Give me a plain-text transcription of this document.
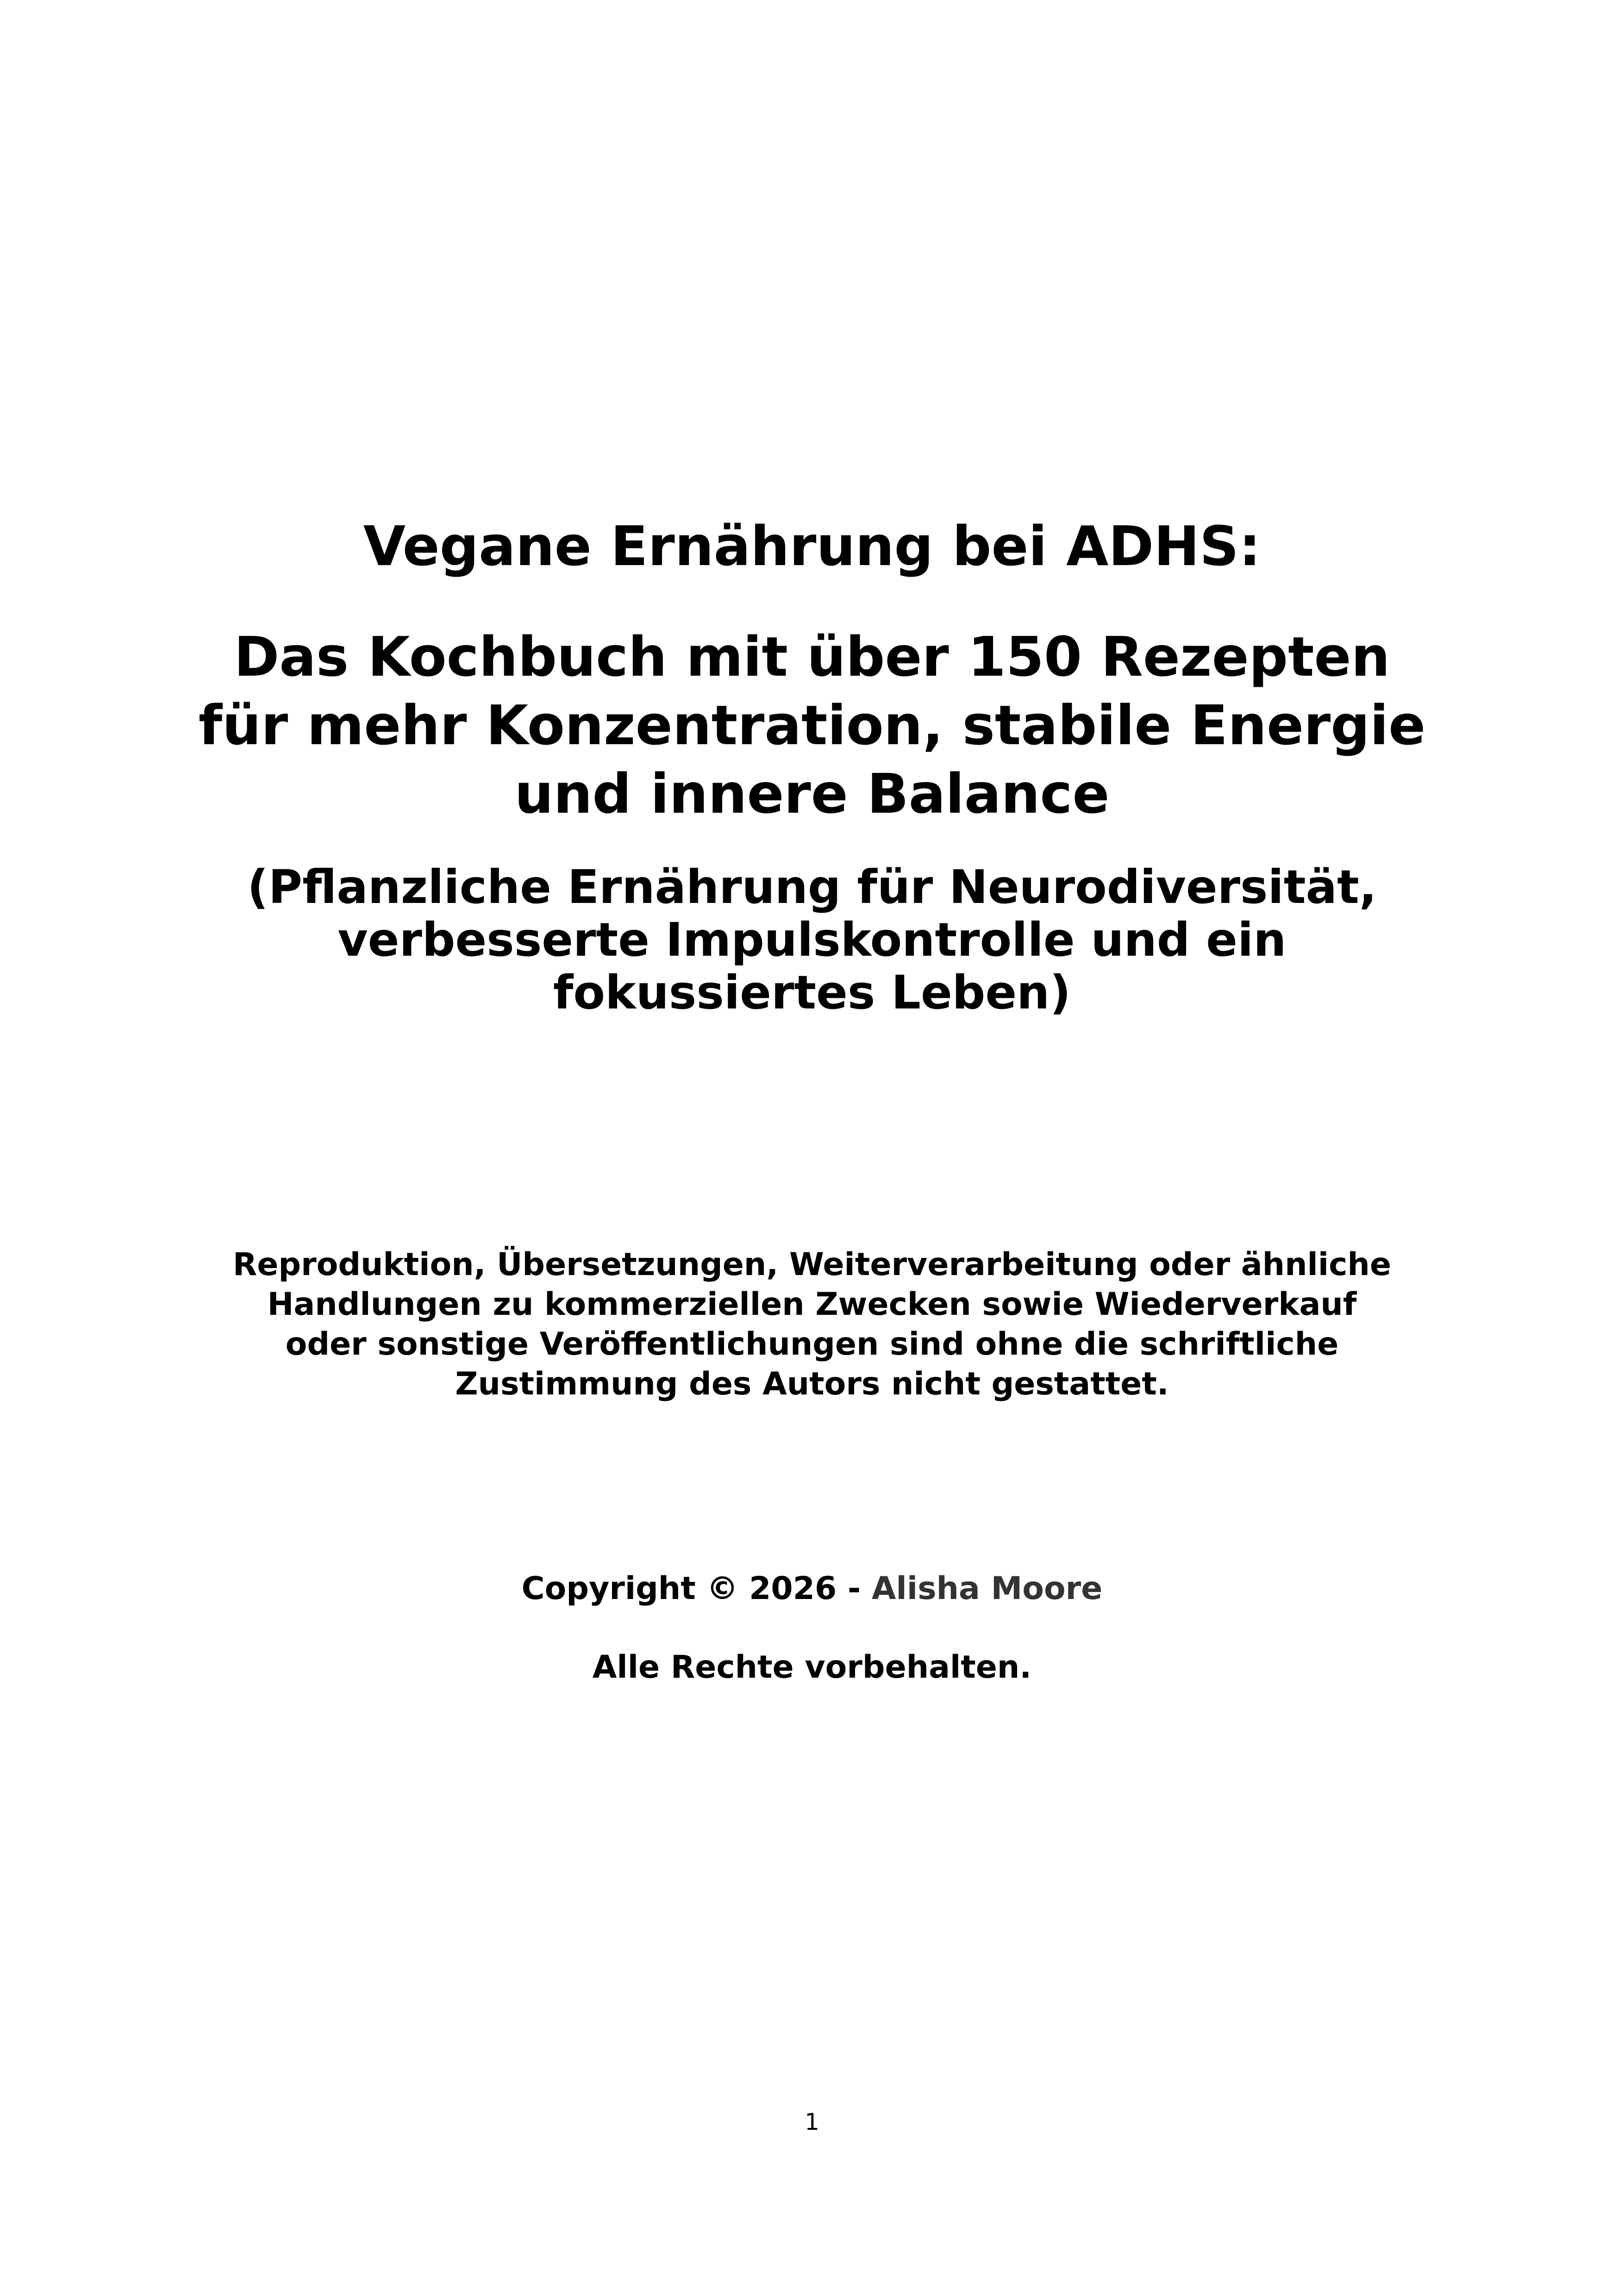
Vegane Ernährung bei ADHS:
Das Kochbuch mit über 150 Rezepten
für mehr Konzentration, stabile Energie
und innere Balance
(Pflanzliche Ernährung für Neurodiversität,
verbesserte Impulskontrolle und ein
fokussiertes Leben)

Reproduktion, Übersetzungen, Weiterverarbeitung oder ähnliche
Handlungen zu kommerziellen Zwecken sowie Wiederverkauf
oder sonstige Veröffentlichungen sind ohne die schriftliche
Zustimmung des Autors nicht gestattet.

Copyright © 2026 - Alisha Moore

Alle Rechte vorbehalten.

1
